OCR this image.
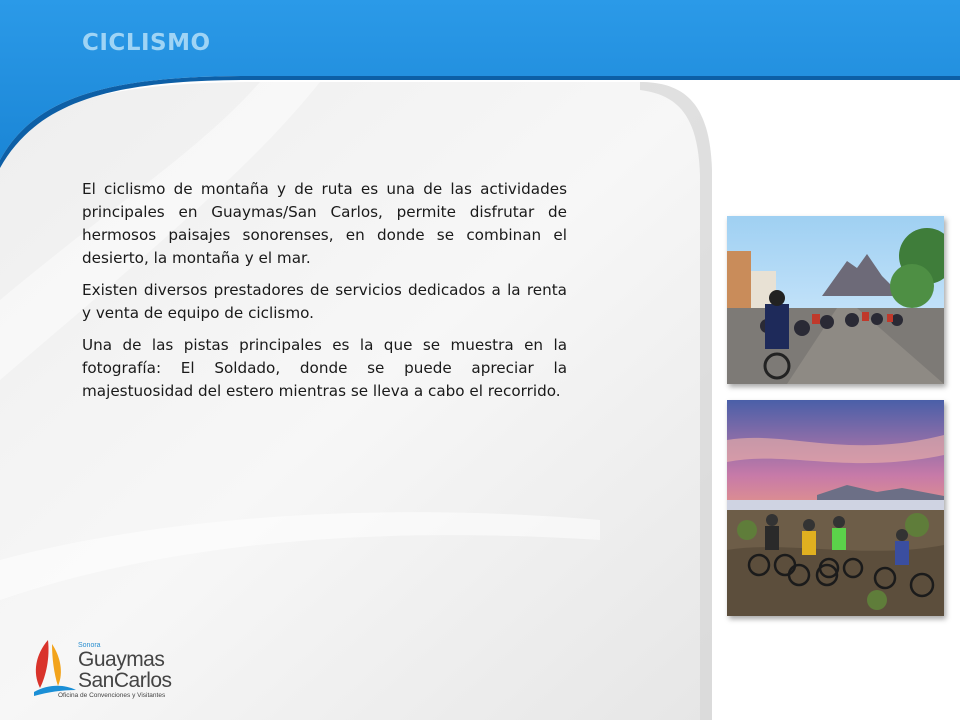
CICLISMO

El ciclismo de montaña y de ruta es una de las actividades principales en Guaymas/San Carlos, permite disfrutar de hermosos paisajes sonorenses, en donde se combinan el desierto, la montaña y el mar.

Existen diversos prestadores de servicios dedicados a la renta y venta de equipo de ciclismo.

Una de las pistas principales es la que se muestra en la fotografía: El Soldado, donde se puede apreciar la majestuosidad del estero mientras se lleva a cabo el recorrido.

Sonora
Guaymas
SanCarlos
Oficina de Convenciones y Visitantes
